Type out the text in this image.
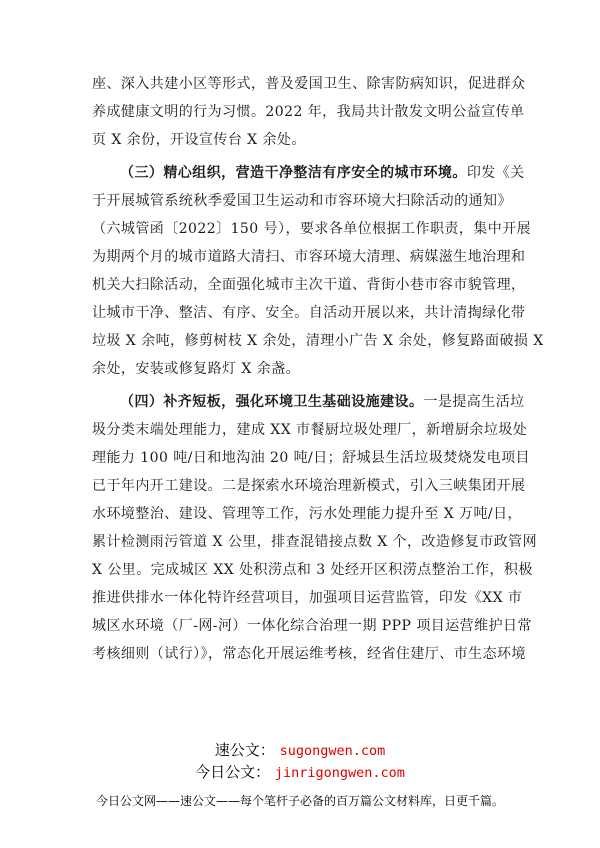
座、深入共建小区等形式，普及爱国卫生、除害防病知识，促进群众
养成健康文明的行为习惯。2022 年，我局共计散发文明公益宣传单
页 X 余份，开设宣传台 X 余处。

（三）精心组织，营造干净整洁有序安全的城市环境。印发《关
于开展城管系统秋季爱国卫生运动和市容环境大扫除活动的通知》
（六城管函〔2022〕150 号），要求各单位根据工作职责，集中开展
为期两个月的城市道路大清扫、市容环境大清理、病媒滋生地治理和
机关大扫除活动，全面强化城市主次干道、背街小巷市容市貌管理，
让城市干净、整洁、有序、安全。自活动开展以来，共计清掏绿化带
垃圾 X 余吨，修剪树枝 X 余处，清理小广告 X 余处，修复路面破损 X
余处，安装或修复路灯 X 余盏。

（四）补齐短板，强化环境卫生基础设施建设。一是提高生活垃
圾分类末端处理能力，建成 XX 市餐厨垃圾处理厂，新增厨余垃圾处
理能力 100 吨/日和地沟油 20 吨/日；舒城县生活垃圾焚烧发电项目
已于年内开工建设。二是探索水环境治理新模式，引入三峡集团开展
水环境整治、建设、管理等工作，污水处理能力提升至 X 万吨/日，
累计检测雨污管道 X 公里，排查混错接点数 X 个，改造修复市政管网
X 公里。完成城区 XX 处积涝点和 3 处经开区积涝点整治工作，积极
推进供排水一体化特许经营项目，加强项目运营监管，印发《XX 市
城区水环境（厂-网-河）一体化综合治理一期 PPP 项目运营维护日常
考核细则（试行）》，常态化开展运维考核，经省住建厅、市生态环境

速公文： sugongwen.com
今日公文： jinrigongwen.com
今日公文网——速公文——每个笔杆子必备的百万篇公文材料库，日更千篇。
